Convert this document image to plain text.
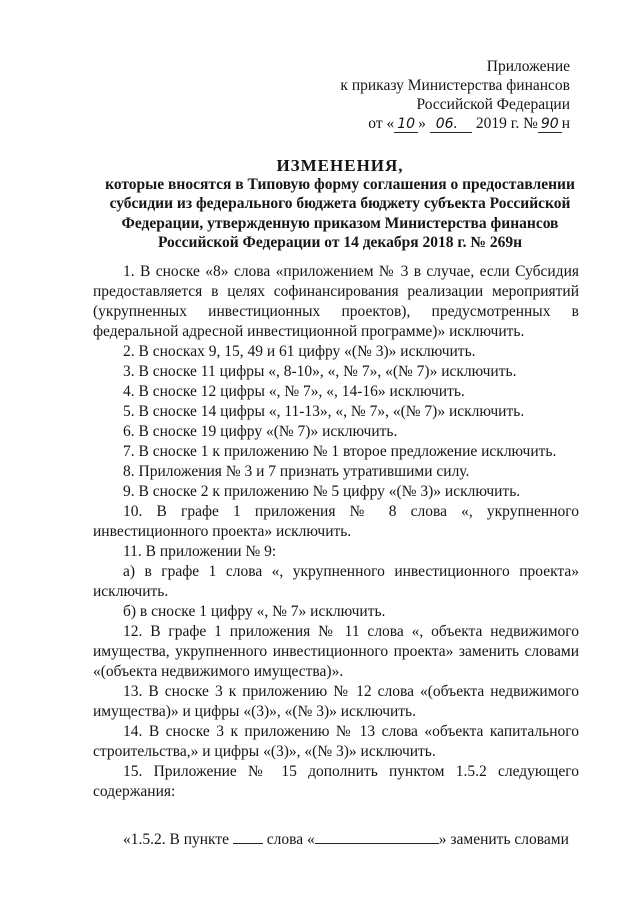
Приложение
к приказу Министерства финансов
Российской Федерации
от « 10 » 06. 2019 г. № 90 н
ИЗМЕНЕНИЯ,
которые вносятся в Типовую форму соглашения о предоставлении субсидии из федерального бюджета бюджету субъекта Российской Федерации, утвержденную приказом Министерства финансов Российской Федерации от 14 декабря 2018 г. № 269н

1. В сноске «8» слова «приложением № 3 в случае, если Субсидия предоставляется в целях софинансирования реализации мероприятий (укрупненных инвестиционных проектов), предусмотренных в федеральной адресной инвестиционной программе)» исключить.

2. В сносках 9, 15, 49 и 61 цифру «(№ 3)» исключить.

3. В сноске 11 цифры «, 8-10», «, № 7», «(№ 7)» исключить.

4. В сноске 12 цифры «, № 7», «, 14-16» исключить.

5. В сноске 14 цифры «, 11-13», «, № 7», «(№ 7)» исключить.

6. В сноске 19 цифру «(№ 7)» исключить.

7. В сноске 1 к приложению № 1 второе предложение исключить.

8. Приложения № 3 и 7 признать утратившими силу.

9. В сноске 2 к приложению № 5 цифру «(№ 3)» исключить.

10. В графе 1 приложения № 8 слова «, укрупненного инвестиционного проекта» исключить.

11. В приложении № 9:

а) в графе 1 слова «, укрупненного инвестиционного проекта» исключить.

б) в сноске 1 цифру «, № 7» исключить.

12. В графе 1 приложения № 11 слова «, объекта недвижимого имущества, укрупненного инвестиционного проекта» заменить словами «(объекта недвижимого имущества)».

13. В сноске 3 к приложению № 12 слова «(объекта недвижимого имущества)» и цифры «(3)», «(№ 3)» исключить.

14. В сноске 3 к приложению № 13 слова «объекта капитального строительства,» и цифры «(3)», «(№ 3)» исключить.

15. Приложение № 15 дополнить пунктом 1.5.2 следующего содержания:

«1.5.2. В пункте слова «	» заменить словами
